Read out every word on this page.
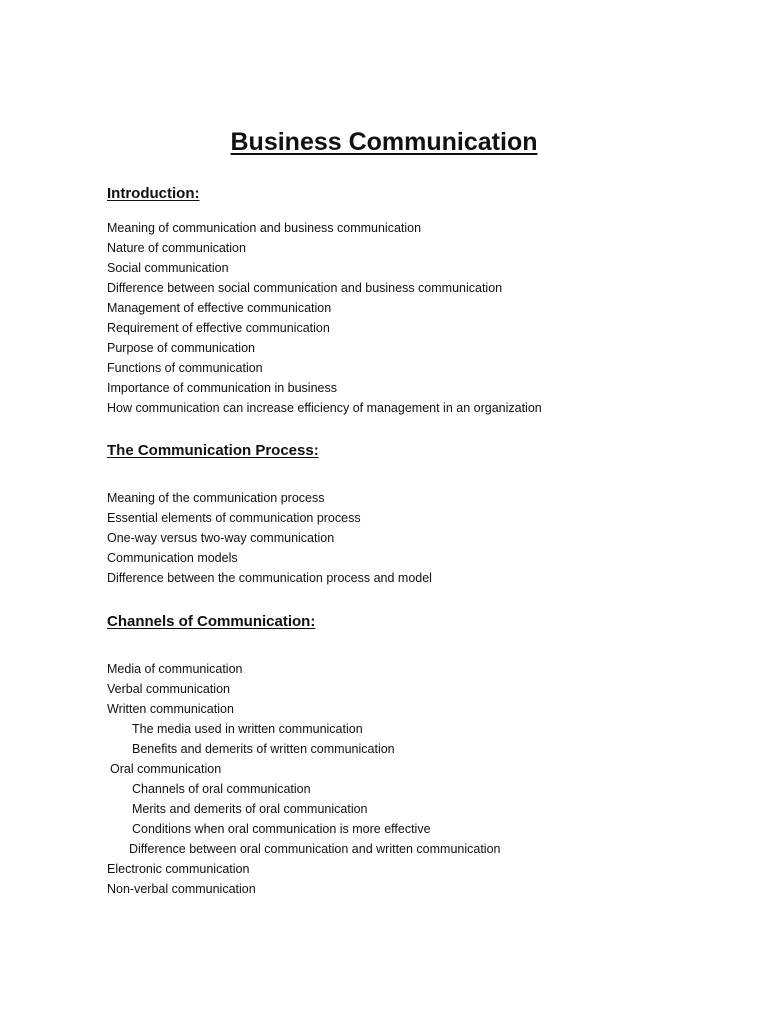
Business Communication
Introduction:
Meaning of communication and business communication
Nature of communication
Social communication
Difference between social communication and business communication
Management of effective communication
Requirement of effective communication
Purpose of communication
Functions of communication
Importance of communication in business
How communication can increase efficiency of management in an organization
The Communication Process:
Meaning of the communication process
Essential elements of communication process
One-way versus two-way communication
Communication models
Difference between the communication process and model
Channels of Communication:
Media of communication
Verbal communication
Written communication
The media used in written communication
Benefits and demerits of written communication
Oral communication
Channels of oral communication
Merits and demerits of oral communication
Conditions when oral communication is more effective
Difference between oral communication and written communication
Electronic communication
Non-verbal communication
